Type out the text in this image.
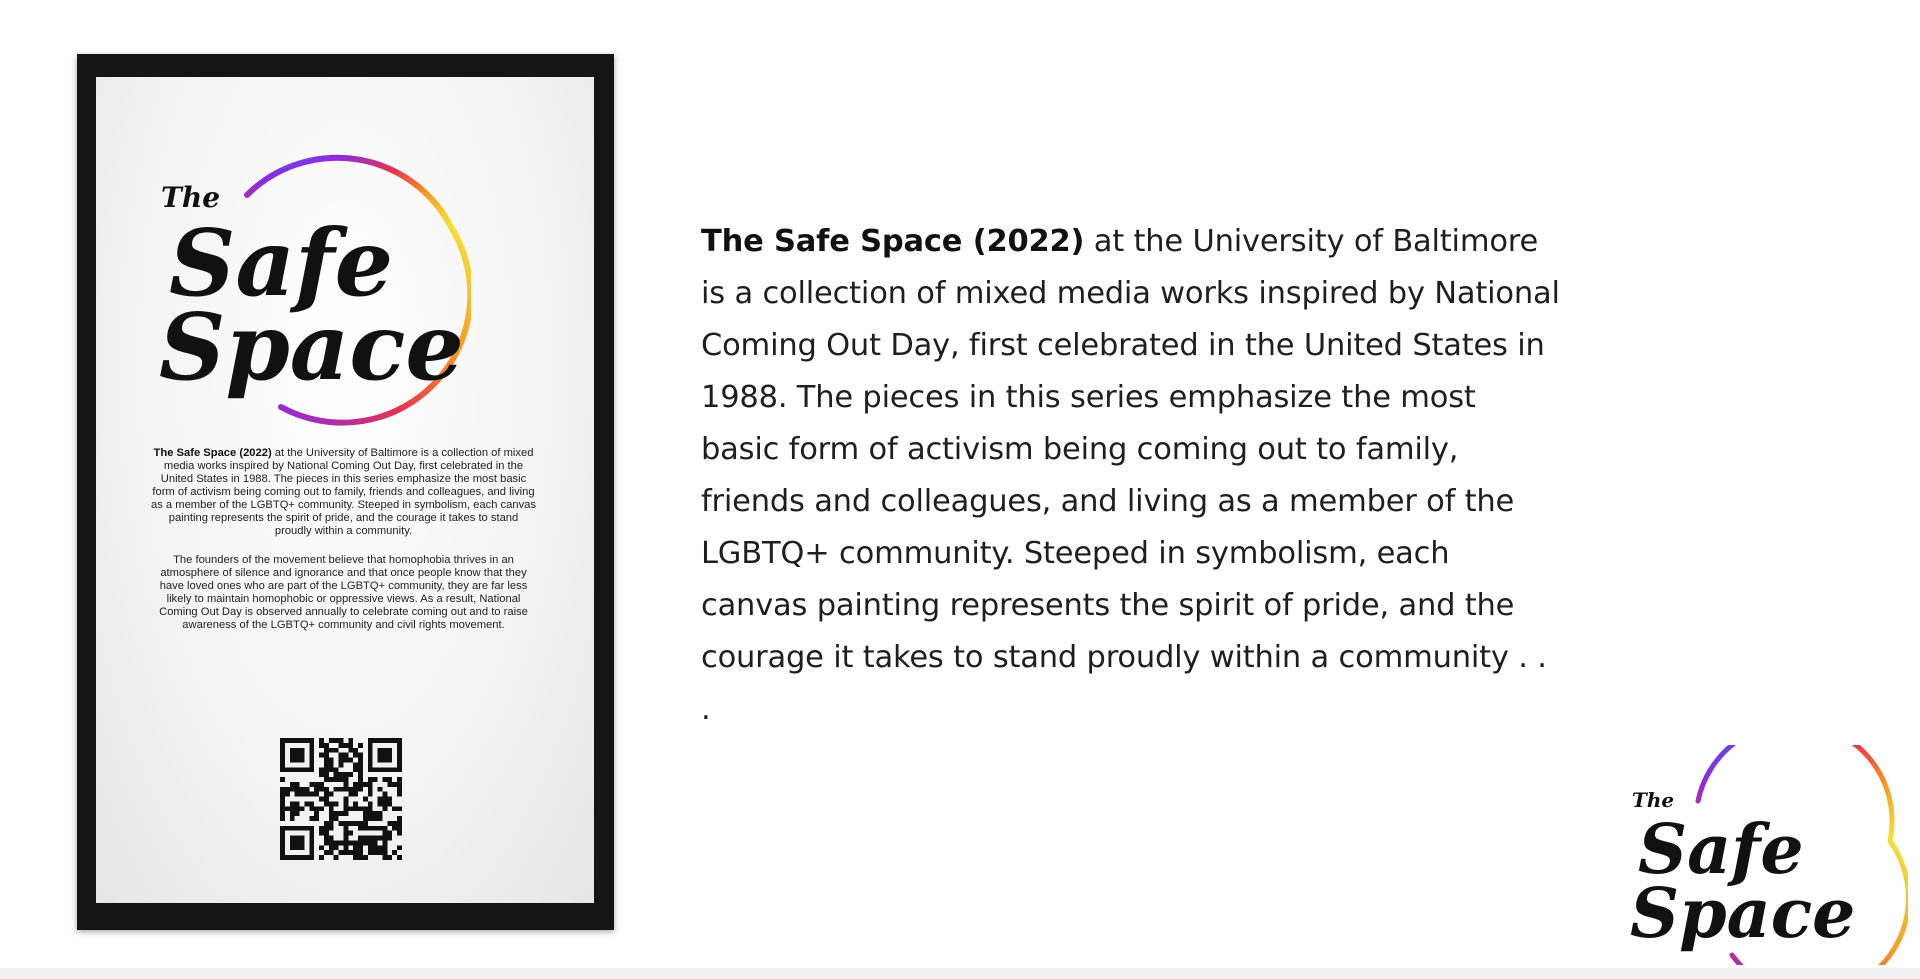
The
Safe
Space

The Safe Space (2022) at the University of Baltimore is a collection of mixed media works inspired by National Coming Out Day, first celebrated in the United States in 1988. The pieces in this series emphasize the most basic form of activism being coming out to family, friends and colleagues, and living as a member of the LGBTQ+ community. Steeped in symbolism, each canvas painting represents the spirit of pride, and the courage it takes to stand proudly within a community.

The founders of the movement believe that homophobia thrives in an atmosphere of silence and ignorance and that once people know that they have loved ones who are part of the LGBTQ+ community, they are far less likely to maintain homophobic or oppressive views. As a result, National Coming Out Day is observed annually to celebrate coming out and to raise awareness of the LGBTQ+ community and civil rights movement.

The Safe Space (2022) at the University of Baltimore is a collection of mixed media works inspired by National Coming Out Day, first celebrated in the United States in 1988. The pieces in this series emphasize the most basic form of activism being coming out to family, friends and colleagues, and living as a member of the LGBTQ+ community. Steeped in symbolism, each canvas painting represents the spirit of pride, and the courage it takes to stand proudly within a community . . .
The
Safe
Space
